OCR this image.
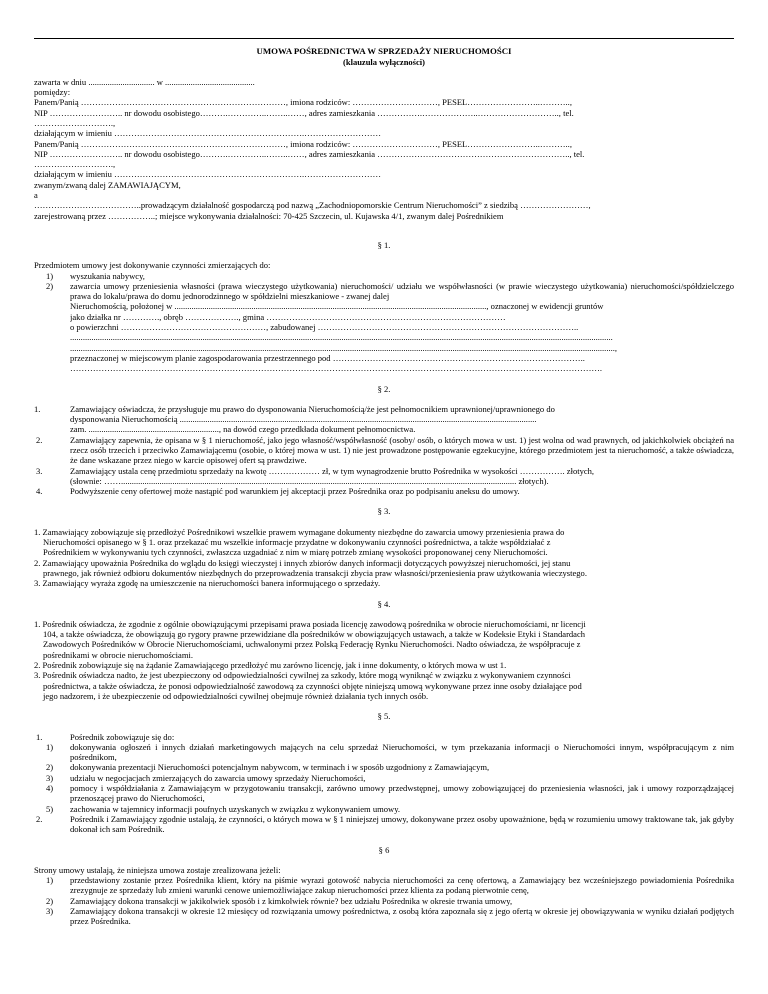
UMOWA POŚREDNICTWA W SPRZEDAŻY NIERUCHOMOŚCI
(klauzula wyłączności)
zawarta w dniu ............................... w ..........................................
pomiędzy:
Panem/Panią ………………………………………………………………, imiona rodziców: …………………………, PESEL……………………..………..,
NIP …………………….. nr dowodu osobistego……….…………..……..……, adres zamieszkania …………….………………..……………………….., tel.
……………………….,
działającym w imieniu ………………………………………………………….………………………
Panem/Panią ………………………………………………………………, imiona rodziców: …………………………, PESEL……………………..………..,
NIP …………………….. nr dowodu osobistego……….…………..……..……, adres zamieszkania ………………………………………………………….., tel.
……………………….,
działającym w imieniu ………………………………………………………….………………………
zwanym/zwaną dalej ZAMAWIAJĄCYM,
a
………………………………..prowadzącym działalność gospodarczą pod nazwą „Zachodniopomorskie Centrum Nieruchomości” z siedzibą ……………………,
zarejestrowaną przez ……………..; miejsce wykonywania działalności: 70-425 Szczecin, ul. Kujawska 4/1, zwanym dalej Pośrednikiem
§ 1.
Przedmiotem umowy jest dokonywanie czynności zmierzających do:
1)	wyszukania nabywcy,
2)	zawarcia umowy przeniesienia własności (prawa wieczystego użytkowania) nieruchomości/ udziału we współwłasności (w prawie wieczystego użytkowania) nieruchomości/spółdzielczego prawa do lokalu/prawa do domu jednorodzinnego w spółdzielni mieszkaniowe - zwanej dalej
Nieruchomością, położonej w .................................................................................................................................................., oznaczonej w ewidencji gruntów
jako działka nr …………., obręb ………………., gmina …………………………………………………………………………
o powierzchni ……………………………………………, zabudowanej ………………………………………………………………………………..
..............................................................................................................................................................................................................................................................
...............................................................................................................................................................................................................................................................,
przeznaczonej w miejscowym planie zagospodarowania przestrzennego pod ……………………………………………………………………………..
…………………………………………………………………………………………………………………………………………………………………….
§ 2.
1.	Zamawiający oświadcza, że przysługuje mu prawo do dysponowania Nieruchomością/że jest pełnomocnikiem uprawnionej/uprawnionego do
dysponowania Nieruchomością .......................................................................................................................................................................
zam. ............................................................., na dowód czego przedkłada dokument pełnomocnictwa.
2.	Zamawiający zapewnia, że opisana w § 1 nieruchomość, jako jego własność/współwłasność (osoby/ osób, o których mowa w ust. 1) jest wolna od wad prawnych, od jakichkolwiek obciążeń na rzecz osób trzecich i przeciwko Zamawiającemu (osobie, o której mowa w ust. 1) nie jest prowadzone postępowanie egzekucyjne, którego przedmiotem jest ta nieruchomość, a także oświadcza, że dane wskazane przez niego w karcie opisowej ofert są prawdziwe.
3.	Zamawiający ustala cenę przedmiotu sprzedaży na kwotę ……………… zł, w tym wynagrodzenie brutto Pośrednika w wysokości ……………. złotych,
(słownie: ……......................................................................................................................................................................................... złotych).
4.	Podwyższenie ceny ofertowej może nastąpić pod warunkiem jej akceptacji przez Pośrednika oraz po podpisaniu aneksu do umowy.
§ 3.
1. Zamawiający zobowiązuje się przedłożyć Pośrednikowi wszelkie prawem wymagane dokumenty niezbędne do zawarcia umowy przeniesienia prawa do
Nieruchomości opisanego w § 1. oraz przekazać mu wszelkie informacje przydatne w dokonywaniu czynności pośrednictwa, a także współdziałać z
Pośrednikiem w wykonywaniu tych czynności, zwłaszcza uzgadniać z nim w miarę potrzeb zmianę wysokości proponowanej ceny Nieruchomości.
2. Zamawiający upoważnia Pośrednika do wglądu do księgi wieczystej i innych zbiorów danych informacji dotyczących powyższej nieruchomości, jej stanu
prawnego, jak również odbioru dokumentów niezbędnych do przeprowadzenia transakcji zbycia praw własności/przeniesienia praw użytkowania wieczystego.
3. Zamawiający wyraża zgodę na umieszczenie na nieruchomości banera informującego o sprzedaży.
§ 4.
1. Pośrednik oświadcza, że zgodnie z ogólnie obowiązującymi przepisami prawa posiada licencję zawodową pośrednika w obrocie nieruchomościami, nr licencji
104, a także oświadcza, że obowiązują go rygory prawne przewidziane dla pośredników w obowiązujących ustawach, a także w Kodeksie Etyki i Standardach
Zawodowych Pośredników w Obrocie Nieruchomościami, uchwalonymi przez Polską Federację Rynku Nieruchomości. Nadto oświadcza, że współpracuje z
pośrednikami w obrocie nieruchomościami.
2. Pośrednik zobowiązuje się na żądanie Zamawiającego przedłożyć mu zarówno licencję, jak i inne dokumenty, o których mowa w ust 1.
3. Pośrednik oświadcza nadto, że jest ubezpieczony od odpowiedzialności cywilnej za szkody, które mogą wyniknąć w związku z wykonywaniem czynności
pośrednictwa, a także oświadcza, że ponosi odpowiedzialność zawodową za czynności objęte niniejszą umową wykonywane przez inne osoby działające pod
jego nadzorem, i że ubezpieczenie od odpowiedzialności cywilnej obejmuje również działania tych innych osób.
§ 5.
1.	Pośrednik zobowiązuje się do:
1)	dokonywania ogłoszeń i innych działań marketingowych mających na celu sprzedaż Nieruchomości, w tym przekazania informacji o Nieruchomości innym, współpracującym z nim pośrednikom,
2)	dokonywania prezentacji Nieruchomości potencjalnym nabywcom, w terminach i w sposób uzgodniony z Zamawiającym,
3)	udziału w negocjacjach zmierzających do zawarcia umowy sprzedaży Nieruchomości,
4)	pomocy i współdziałania z Zamawiającym w przygotowaniu transakcji, zarówno umowy przedwstępnej, umowy zobowiązującej do przeniesienia własności, jak i umowy rozporządzającej przenoszącej prawo do Nieruchomości,
5)	zachowania w tajemnicy informacji poufnych uzyskanych w związku z wykonywaniem umowy.
2.	Pośrednik i Zamawiający zgodnie ustalają, że czynności, o których mowa w § 1 niniejszej umowy, dokonywane przez osoby upoważnione, będą w rozumieniu umowy traktowane tak, jak gdyby dokonał ich sam Pośrednik.
§ 6
Strony umowy ustalają, że niniejsza umowa zostaje zrealizowana jeżeli:
1)	przedstawiony zostanie przez Pośrednika klient, który na piśmie wyrazi gotowość nabycia nieruchomości za cenę ofertową, a Zamawiający bez wcześniejszego powiadomienia Pośrednika zrezygnuje ze sprzedaży lub zmieni warunki cenowe uniemożliwiające zakup nieruchomości przez klienta za podaną pierwotnie cenę,
2)	Zamawiający dokona transakcji w jakikolwiek sposób i z kimkolwiek równie? bez udziału Pośrednika w okresie trwania umowy,
3)	Zamawiający dokona transakcji w okresie 12 miesięcy od rozwiązania umowy pośrednictwa, z osobą która zapoznała się z jego ofertą w okresie jej obowiązywania w wyniku działań podjętych przez Pośrednika.
